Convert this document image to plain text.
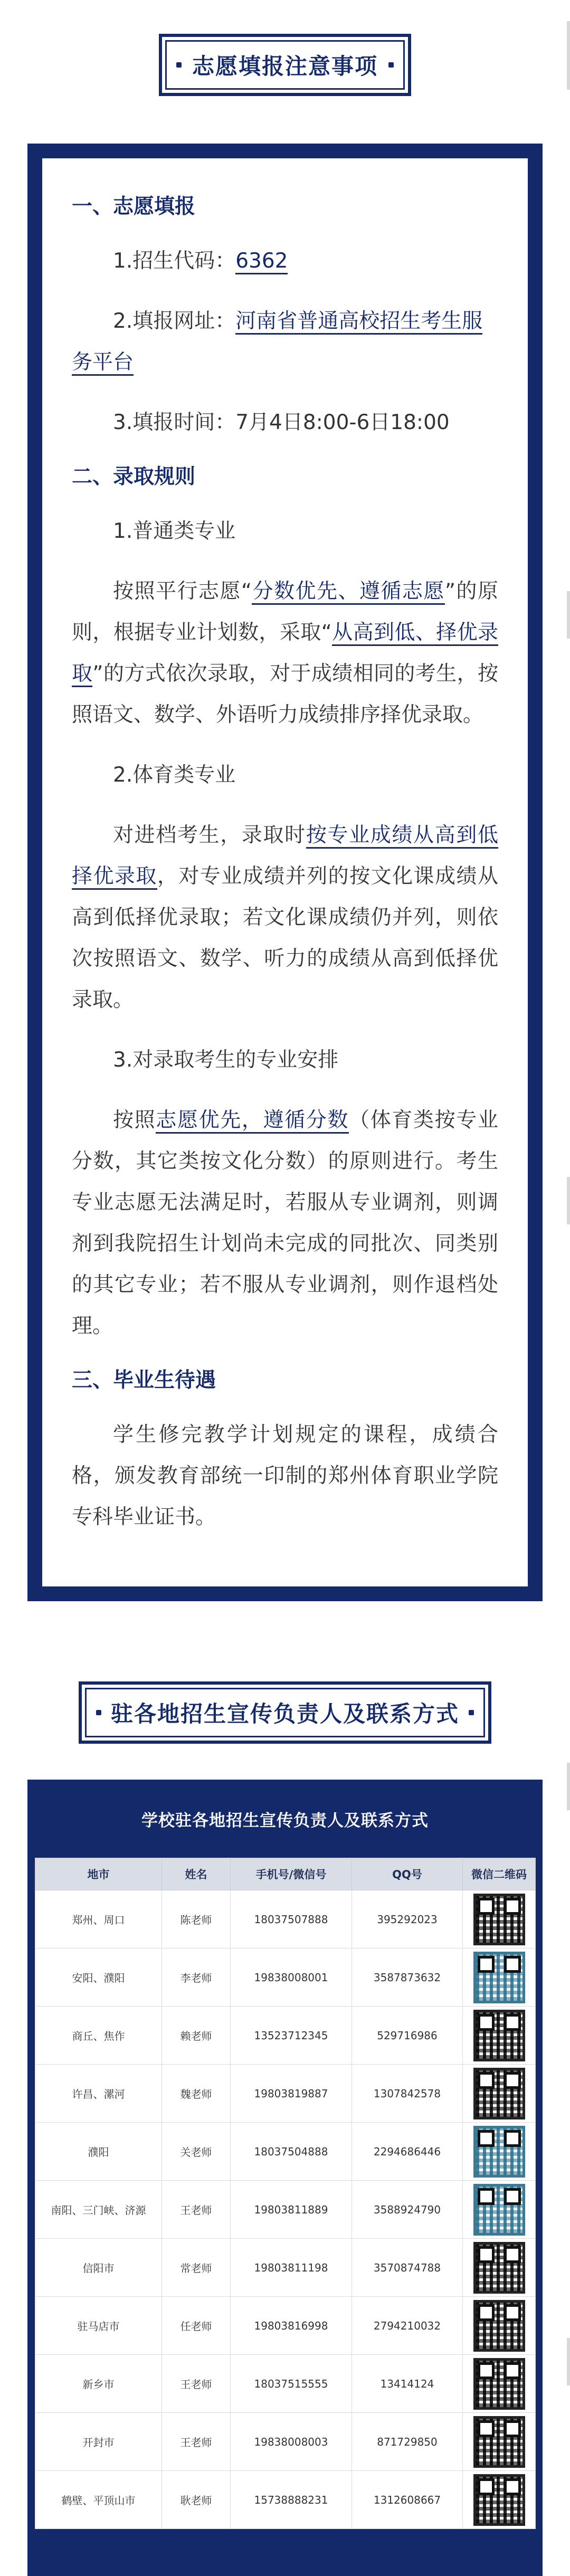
志愿填报注意事项

一、志愿填报

1.招生代码：6362

2.填报网址：河南省普通高校招生考生服

务平台

3.填报时间：7月4日8:00-6日18:00

二、录取规则

1.普通类专业

按照平行志愿“分数优先、遵循志愿”的原则，根据专业计划数，采取“从高到低、择优录取”的方式依次录取，对于成绩相同的考生，按照语文、数学、外语听力成绩排序择优录取。

2.体育类专业

对进档考生，录取时按专业成绩从高到低择优录取，对专业成绩并列的按文化课成绩从高到低择优录取；若文化课成绩仍并列，则依次按照语文、数学、听力的成绩从高到低择优录取。

3.对录取考生的专业安排

按照志愿优先，遵循分数（体育类按专业分数，其它类按文化分数）的原则进行。考生专业志愿无法满足时，若服从专业调剂，则调剂到我院招生计划尚未完成的同批次、同类别的其它专业；若不服从专业调剂，则作退档处理。

三、毕业生待遇

学生修完教学计划规定的课程，成绩合格，颁发教育部统一印制的郑州体育职业学院专科毕业证书。

驻各地招生宣传负责人及联系方式
学校驻各地招生宣传负责人及联系方式
地市	姓名	手机号/微信号	QQ号	微信二维码
郑州、周口	陈老师	18037507888	395292023	

安阳、濮阳	李老师	19838008001	3587873632	

商丘、焦作	赖老师	13523712345	529716986	

许昌、漯河	魏老师	19803819887	1307842578	

濮阳	关老师	18037504888	2294686446	

南阳、三门峡、济源	王老师	19803811889	3588924790	

信阳市	常老师	19803811198	3570874788	

驻马店市	任老师	19803816998	2794210032	

新乡市	王老师	18037515555	13414124	

开封市	王老师	19838008003	871729850	

鹤壁、平顶山市	耿老师	15738888231	1312608667	
